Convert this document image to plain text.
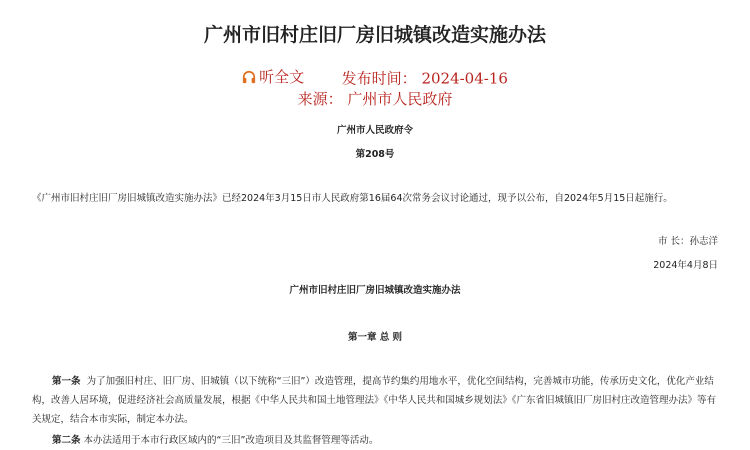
广州市旧村庄旧厂房旧城镇改造实施办法
听全文	发布时间： 2024-04-16
来源： 广州市人民政府
广州市人民政府令
第208号
《广州市旧村庄旧厂房旧城镇改造实施办法》已经2024年3月15日市人民政府第16届64次常务会议讨论通过，现予以公布，自2024年5月15日起施行。
市 长：孙志洋
2024年4月8日
广州市旧村庄旧厂房旧城镇改造实施办法
第一章 总 则
第一条 为了加强旧村庄、旧厂房、旧城镇（以下统称“三旧”）改造管理，提高节约集约用地水平，优化空间结构，完善城市功能，传承历史文化，优化产业结构，改善人居环境，促进经济社会高质量发展，根据《中华人民共和国土地管理法》《中华人民共和国城乡规划法》《广东省旧城镇旧厂房旧村庄改造管理办法》等有关规定，结合本市实际，制定本办法。
第二条 本办法适用于本市行政区域内的“三旧”改造项目及其监督管理等活动。
